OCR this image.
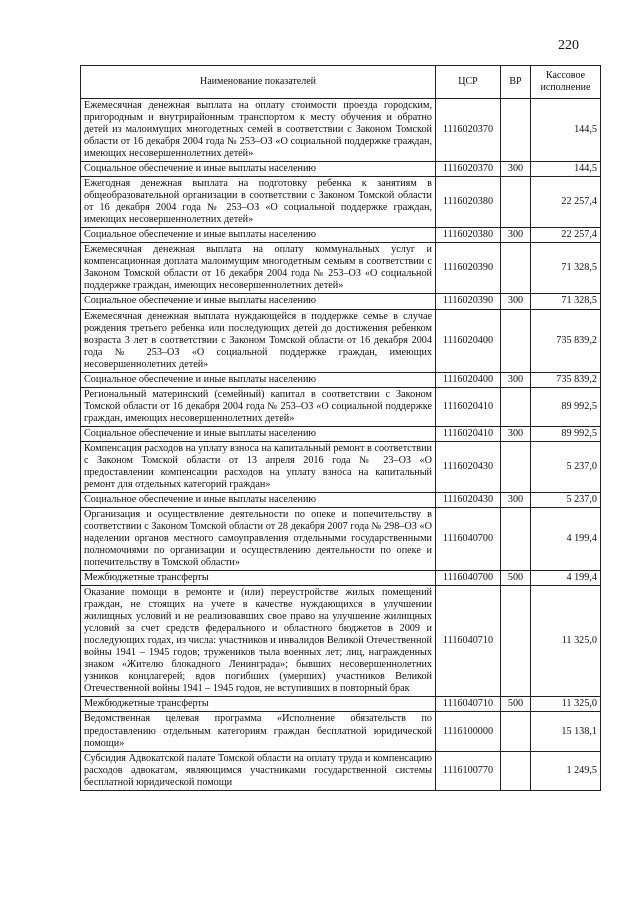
220
Наименование показателей	ЦСР	ВР	Кассовое исполнение
Ежемесячная денежная выплата на оплату стоимости проезда городским, пригородным и внутрирайонным транспортом к месту обучения и обратно детей из малоимущих многодетных семей в соответствии с Законом Томской области от 16 декабря 2004 года № 253–ОЗ «О социальной поддержке граждан, имеющих несовершеннолетних детей»	1116020370		144,5
Социальное обеспечение и иные выплаты населению	1116020370	300	144,5
Ежегодная денежная выплата на подготовку ребенка к занятиям в общеобразовательной организации в соответствии с Законом Томской области от 16 декабря 2004 года № 253–ОЗ «О социальной поддержке граждан, имеющих несовершеннолетних детей»	1116020380		22 257,4
Социальное обеспечение и иные выплаты населению	1116020380	300	22 257,4
Ежемесячная денежная выплата на оплату коммунальных услуг и компенсационная доплата малоимущим многодетным семьям в соответствии с Законом Томской области от 16 декабря 2004 года № 253–ОЗ «О социальной поддержке граждан, имеющих несовершеннолетних детей»	1116020390		71 328,5
Социальное обеспечение и иные выплаты населению	1116020390	300	71 328,5
Ежемесячная денежная выплата нуждающейся в поддержке семье в случае рождения третьего ребенка или последующих детей до достижения ребенком возраста 3 лет в соответствии с Законом Томской области от 16 декабря 2004 года № 253–ОЗ «О социальной поддержке граждан, имеющих несовершеннолетних детей»	1116020400		735 839,2
Социальное обеспечение и иные выплаты населению	1116020400	300	735 839,2
Региональный материнский (семейный) капитал в соответствии с Законом Томской области от 16 декабря 2004 года № 253–ОЗ «О социальной поддержке граждан, имеющих несовершеннолетних детей»	1116020410		89 992,5
Социальное обеспечение и иные выплаты населению	1116020410	300	89 992,5
Компенсация расходов на уплату взноса на капитальный ремонт в соответствии с Законом Томской области от 13 апреля 2016 года № 23–ОЗ «О предоставлении компенсации расходов на уплату взноса на капитальный ремонт для отдельных категорий граждан»	1116020430		5 237,0
Социальное обеспечение и иные выплаты населению	1116020430	300	5 237,0
Организация и осуществление деятельности по опеке и попечительству в соответствии с Законом Томской области от 28 декабря 2007 года № 298–ОЗ «О наделении органов местного самоуправления отдельными государственными полномочиями по организации и осуществлению деятельности по опеке и попечительству в Томской области»	1116040700		4 199,4
Межбюджетные трансферты	1116040700	500	4 199,4
Оказание помощи в ремонте и (или) переустройстве жилых помещений граждан, не стоящих на учете в качестве нуждающихся в улучшении жилищных условий и не реализовавших свое право на улучшение жилищных условий за счет средств федерального и областного бюджетов в 2009 и последующих годах, из числа: участников и инвалидов Великой Отечественной войны 1941 – 1945 годов; тружеников тыла военных лет; лиц, награжденных знаком «Жителю блокадного Ленинграда»; бывших несовершеннолетних узников концлагерей; вдов погибших (умерших) участников Великой Отечественной войны 1941 – 1945 годов, не вступивших в повторный брак	1116040710		11 325,0
Межбюджетные трансферты	1116040710	500	11 325,0
Ведомственная целевая программа «Исполнение обязательств по предоставлению отдельным категориям граждан бесплатной юридической помощи»	1116100000		15 138,1
Субсидия Адвокатской палате Томской области на оплату труда и компенсацию расходов адвокатам, являющимся участниками государственной системы бесплатной юридической помощи	1116100770		1 249,5
